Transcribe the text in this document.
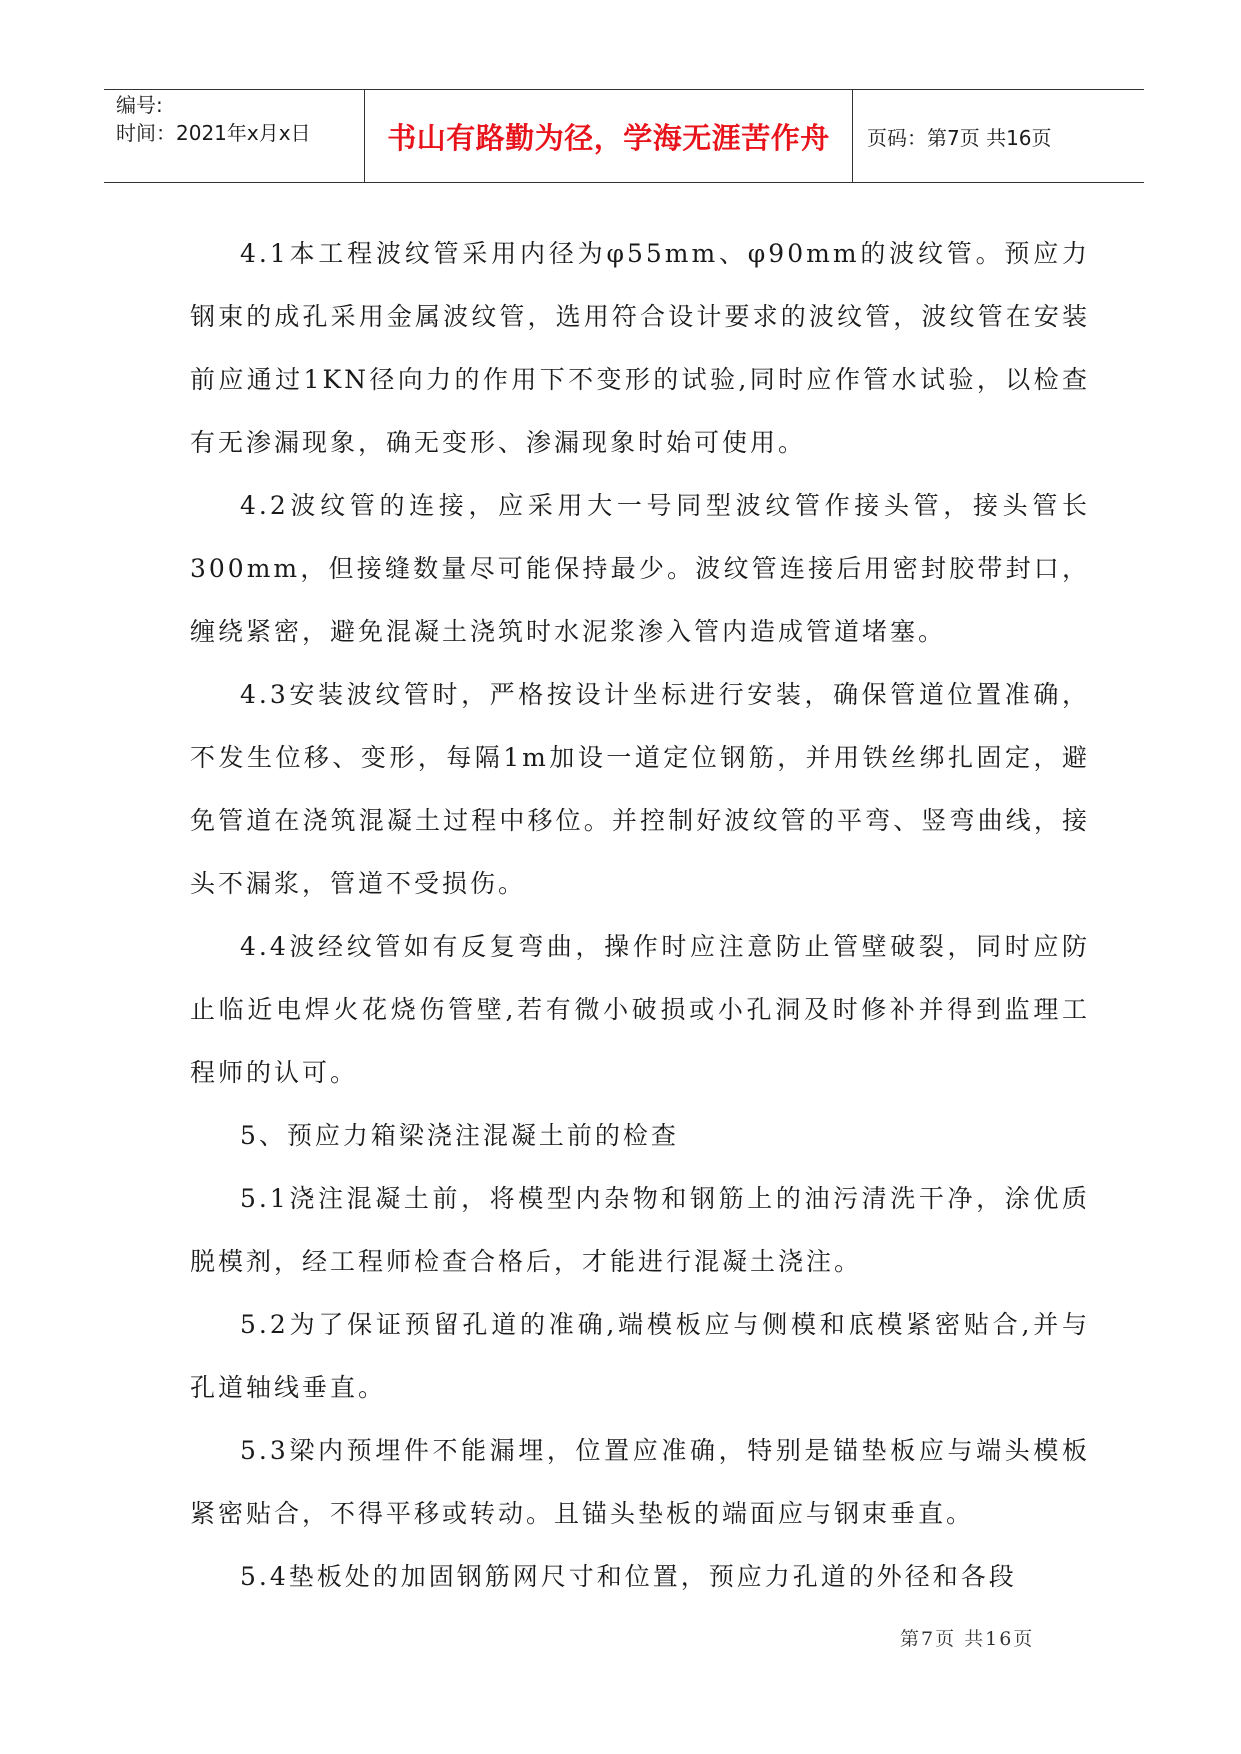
编号:
时间：2021年x月x日	书山有路勤为径，学海无涯苦作舟	页码：第7页 共16页

4.1本工程波纹管采用内径为φ55mm、φ90mm的波纹管。预应力钢束的成孔采用金属波纹管，选用符合设计要求的波纹管，波纹管在安装前应通过1KN径向力的作用下不变形的试验,同时应作管水试验，以检查有无渗漏现象，确无变形、渗漏现象时始可使用。

4.2波纹管的连接，应采用大一号同型波纹管作接头管，接头管长300mm，但接缝数量尽可能保持最少。波纹管连接后用密封胶带封口，缠绕紧密，避免混凝土浇筑时水泥浆渗入管内造成管道堵塞。

4.3安装波纹管时，严格按设计坐标进行安装，确保管道位置准确，不发生位移、变形，每隔1m加设一道定位钢筋，并用铁丝绑扎固定，避免管道在浇筑混凝土过程中移位。并控制好波纹管的平弯、竖弯曲线，接头不漏浆，管道不受损伤。

4.4波经纹管如有反复弯曲，操作时应注意防止管壁破裂，同时应防止临近电焊火花烧伤管壁,若有微小破损或小孔洞及时修补并得到监理工程师的认可。

5、预应力箱梁浇注混凝土前的检查

5.1浇注混凝土前，将模型内杂物和钢筋上的油污清洗干净，涂优质脱模剂，经工程师检查合格后，才能进行混凝土浇注。

5.2为了保证预留孔道的准确,端模板应与侧模和底模紧密贴合,并与孔道轴线垂直。

5.3梁内预埋件不能漏埋，位置应准确，特别是锚垫板应与端头模板紧密贴合，不得平移或转动。且锚头垫板的端面应与钢束垂直。

5.4垫板处的加固钢筋网尺寸和位置，预应力孔道的外径和各段

第7页 共16页
